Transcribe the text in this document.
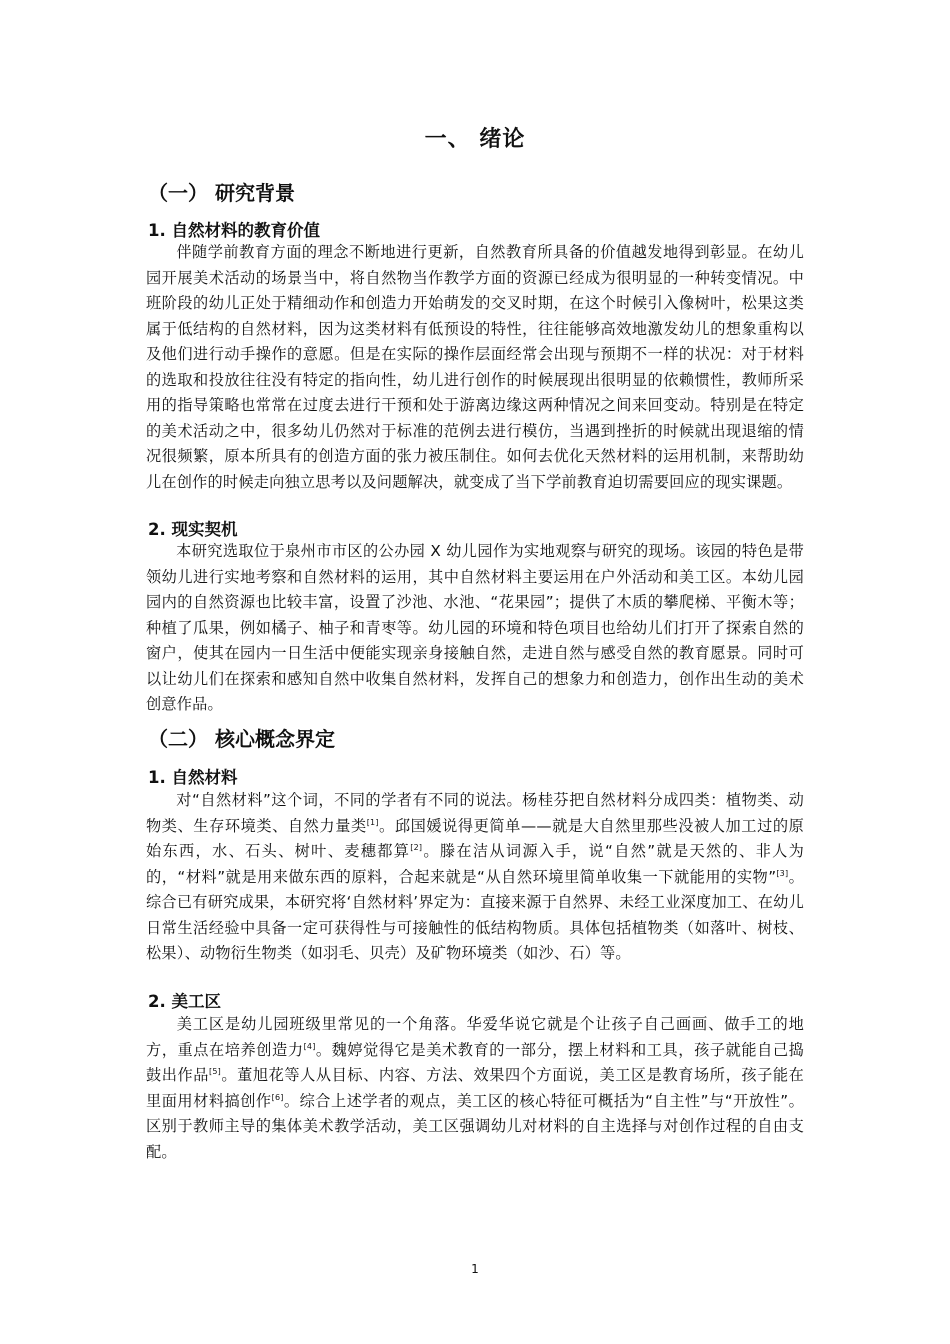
一、 绪论
（一） 研究背景
1. 自然材料的教育价值
伴随学前教育方面的理念不断地进行更新，自然教育所具备的价值越发地得到彰显。在幼儿园开展美术活动的场景当中，将自然物当作教学方面的资源已经成为很明显的一种转变情况。中班阶段的幼儿正处于精细动作和创造力开始萌发的交叉时期，在这个时候引入像树叶，松果这类属于低结构的自然材料，因为这类材料有低预设的特性，往往能够高效地激发幼儿的想象重构以及他们进行动手操作的意愿。但是在实际的操作层面经常会出现与预期不一样的状况：对于材料的选取和投放往往没有特定的指向性，幼儿进行创作的时候展现出很明显的依赖惯性，教师所采用的指导策略也常常在过度去进行干预和处于游离边缘这两种情况之间来回变动。特别是在特定的美术活动之中，很多幼儿仍然对于标准的范例去进行模仿，当遇到挫折的时候就出现退缩的情况很频繁，原本所具有的创造方面的张力被压制住。如何去优化天然材料的运用机制，来帮助幼儿在创作的时候走向独立思考以及问题解决，就变成了当下学前教育迫切需要回应的现实课题。
2. 现实契机
本研究选取位于泉州市市区的公办园 X 幼儿园作为实地观察与研究的现场。该园的特色是带领幼儿进行实地考察和自然材料的运用，其中自然材料主要运用在户外活动和美工区。本幼儿园园内的自然资源也比较丰富，设置了沙池、水池、“花果园”；提供了木质的攀爬梯、平衡木等；种植了瓜果，例如橘子、柚子和青枣等。幼儿园的环境和特色项目也给幼儿们打开了探索自然的窗户，使其在园内一日生活中便能实现亲身接触自然，走进自然与感受自然的教育愿景。同时可以让幼儿们在探索和感知自然中收集自然材料，发挥自己的想象力和创造力，创作出生动的美术创意作品。
（二） 核心概念界定
1. 自然材料
对“自然材料”这个词，不同的学者有不同的说法。杨桂芬把自然材料分成四类：植物类、动物类、生存环境类、自然力量类[1]。邱国媛说得更简单——就是大自然里那些没被人加工过的原始东西，水、石头、树叶、麦穗都算[2]。滕在洁从词源入手，说“自然”就是天然的、非人为的，“材料”就是用来做东西的原料，合起来就是“从自然环境里简单收集一下就能用的实物”[3]。综合已有研究成果，本研究将‘自然材料’界定为：直接来源于自然界、未经工业深度加工、在幼儿日常生活经验中具备一定可获得性与可接触性的低结构物质。具体包括植物类（如落叶、树枝、松果）、动物衍生物类（如羽毛、贝壳）及矿物环境类（如沙、石）等。
2. 美工区
美工区是幼儿园班级里常见的一个角落。华爱华说它就是个让孩子自己画画、做手工的地方，重点在培养创造力[4]。魏婷觉得它是美术教育的一部分，摆上材料和工具，孩子就能自己捣鼓出作品[5]。董旭花等人从目标、内容、方法、效果四个方面说，美工区是教育场所，孩子能在里面用材料搞创作[6]。综合上述学者的观点，美工区的核心特征可概括为“自主性”与“开放性”。区别于教师主导的集体美术教学活动，美工区强调幼儿对材料的自主选择与对创作过程的自由支配。
1
